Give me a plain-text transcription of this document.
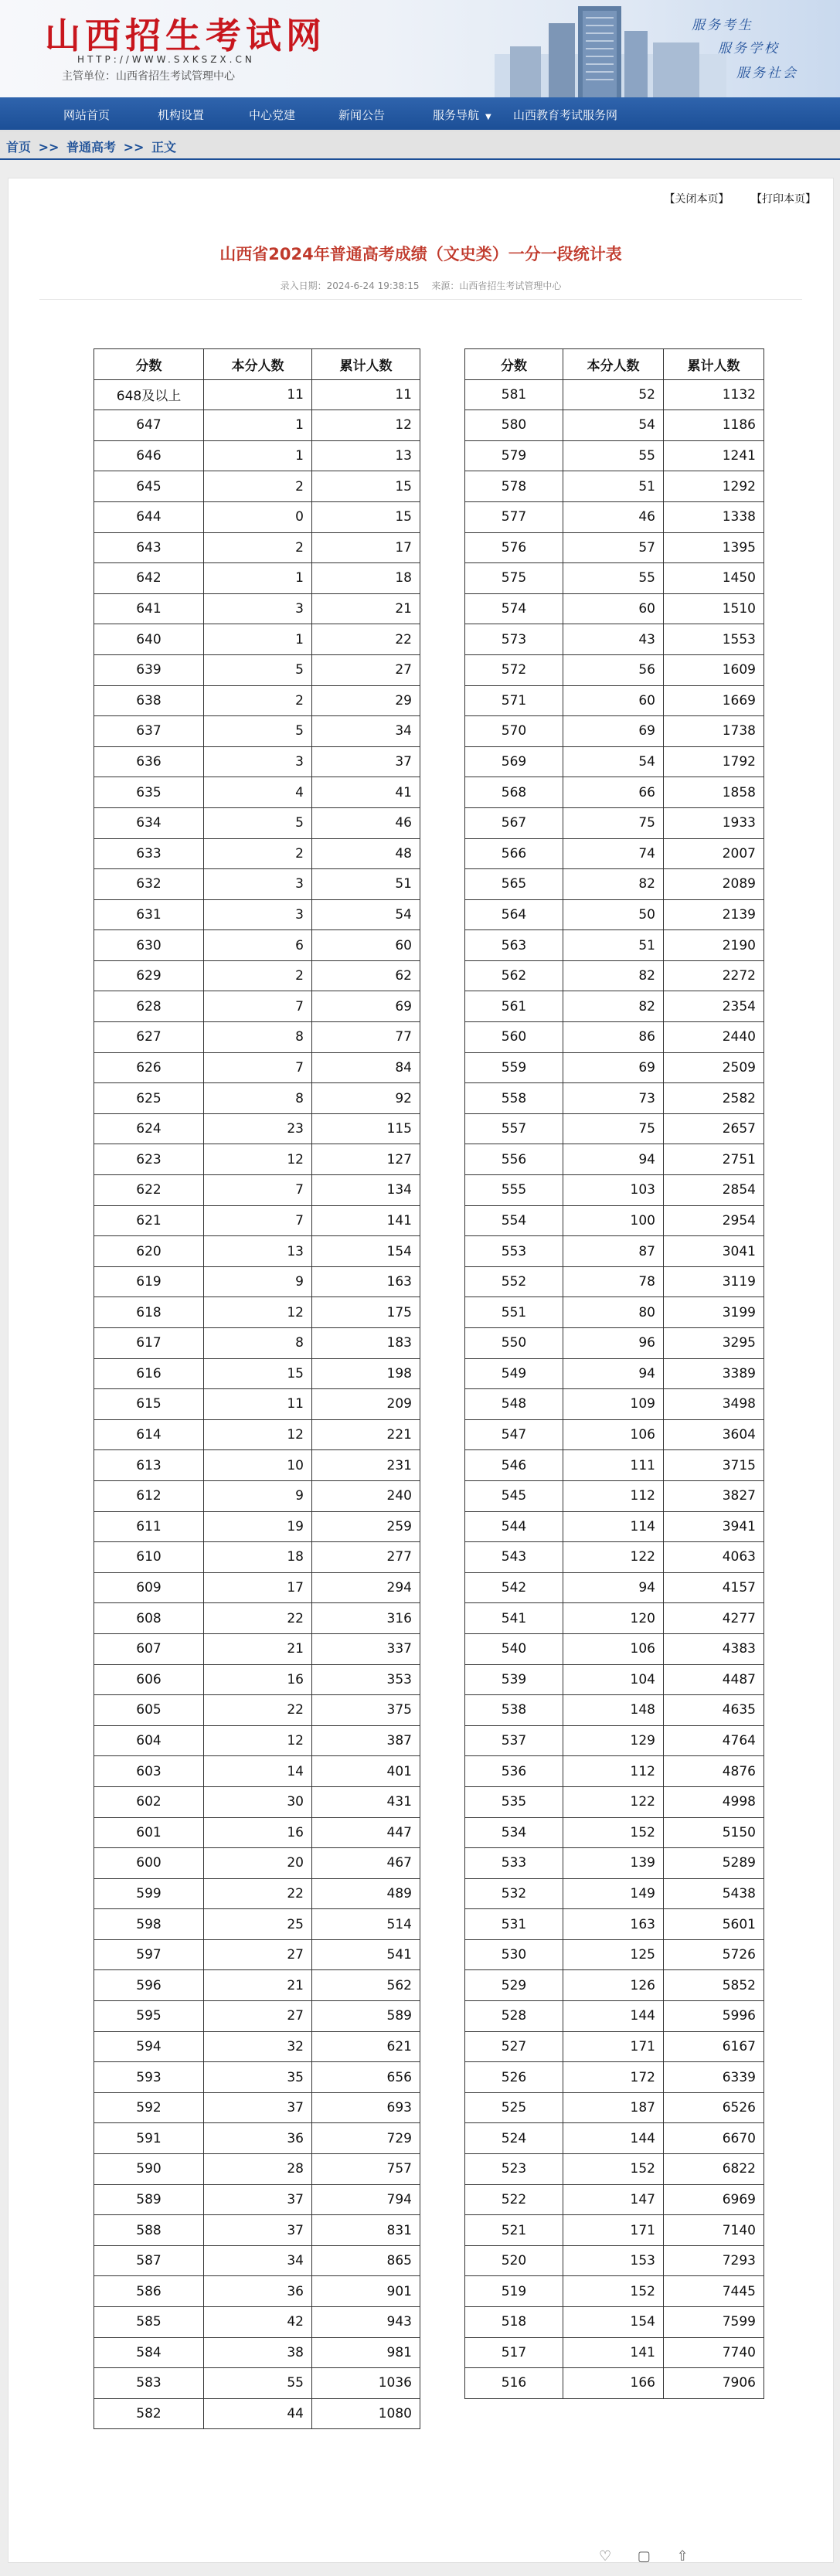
山西招生考试网
HTTP://WWW.SXKSZX.CN
主管单位：山西省招生考试管理中心
服务考生
服务学校
服务社会
网站首页	机构设置	中心党建	新闻公告	服务导航 ▼ 山西教育考试服务网
首页 >> 普通高考 >> 正文
【关闭本页】 【打印本页】
山西省2024年普通高考成绩（文史类）一分一段统计表
录入日期：2024-6-24 19:38:15 来源：山西省招生考试管理中心
分数	本分人数	累计人数
648及以上	11	11
647	1	12
646	1	13
645	2	15
644	0	15
643	2	17
642	1	18
641	3	21
640	1	22
639	5	27
638	2	29
637	5	34
636	3	37
635	4	41
634	5	46
633	2	48
632	3	51
631	3	54
630	6	60
629	2	62
628	7	69
627	8	77
626	7	84
625	8	92
624	23	115
623	12	127
622	7	134
621	7	141
620	13	154
619	9	163
618	12	175
617	8	183
616	15	198
615	11	209
614	12	221
613	10	231
612	9	240
611	19	259
610	18	277
609	17	294
608	22	316
607	21	337
606	16	353
605	22	375
604	12	387
603	14	401
602	30	431
601	16	447
600	20	467
599	22	489
598	25	514
597	27	541
596	21	562
595	27	589
594	32	621
593	35	656
592	37	693
591	36	729
590	28	757
589	37	794
588	37	831
587	34	865
586	36	901
585	42	943
584	38	981
583	55	1036
582	44	1080
分数	本分人数	累计人数
581	52	1132
580	54	1186
579	55	1241
578	51	1292
577	46	1338
576	57	1395
575	55	1450
574	60	1510
573	43	1553
572	56	1609
571	60	1669
570	69	1738
569	54	1792
568	66	1858
567	75	1933
566	74	2007
565	82	2089
564	50	2139
563	51	2190
562	82	2272
561	82	2354
560	86	2440
559	69	2509
558	73	2582
557	75	2657
556	94	2751
555	103	2854
554	100	2954
553	87	3041
552	78	3119
551	80	3199
550	96	3295
549	94	3389
548	109	3498
547	106	3604
546	111	3715
545	112	3827
544	114	3941
543	122	4063
542	94	4157
541	120	4277
540	106	4383
539	104	4487
538	148	4635
537	129	4764
536	112	4876
535	122	4998
534	152	5150
533	139	5289
532	149	5438
531	163	5601
530	125	5726
529	126	5852
528	144	5996
527	171	6167
526	172	6339
525	187	6526
524	144	6670
523	152	6822
522	147	6969
521	171	7140
520	153	7293
519	152	7445
518	154	7599
517	141	7740
516	166	7906
♡ ▢ ⇧
